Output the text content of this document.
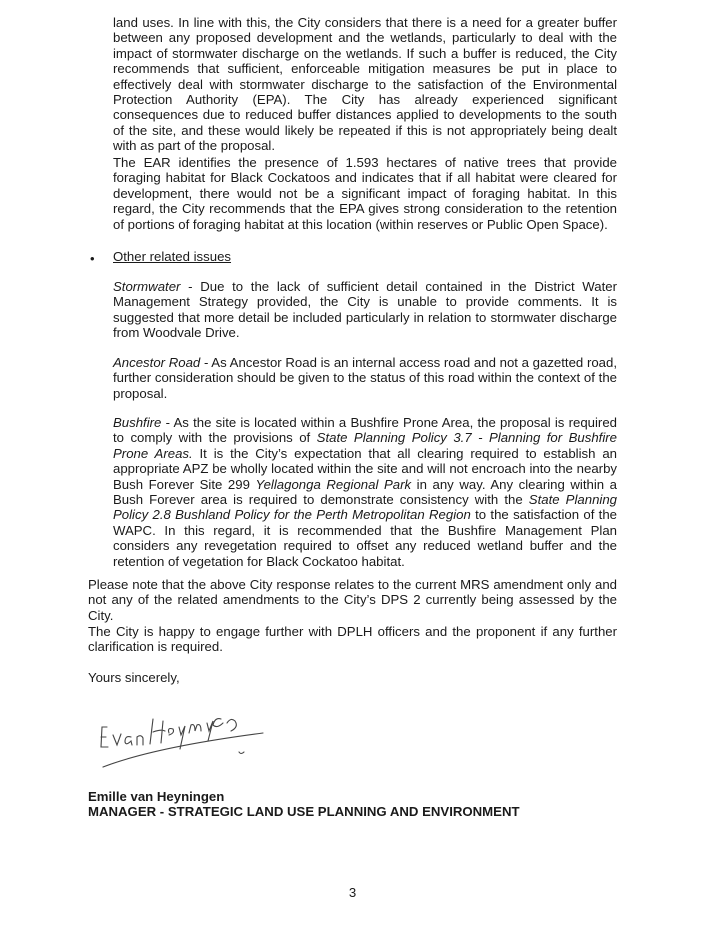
land uses. In line with this, the City considers that there is a need for a greater buffer between any proposed development and the wetlands, particularly to deal with the impact of stormwater discharge on the wetlands. If such a buffer is reduced, the City recommends that sufficient, enforceable mitigation measures be put in place to effectively deal with stormwater discharge to the satisfaction of the Environmental Protection Authority (EPA). The City has already experienced significant consequences due to reduced buffer distances applied to developments to the south of the site, and these would likely be repeated if this is not appropriately being dealt with as part of the proposal.

The EAR identifies the presence of 1.593 hectares of native trees that provide foraging habitat for Black Cockatoos and indicates that if all habitat were cleared for development, there would not be a significant impact of foraging habitat. In this regard, the City recommends that the EPA gives strong consideration to the retention of portions of foraging habitat at this location (within reserves or Public Open Space).

• Other related issues

Stormwater - Due to the lack of sufficient detail contained in the District Water Management Strategy provided, the City is unable to provide comments. It is suggested that more detail be included particularly in relation to stormwater discharge from Woodvale Drive.

Ancestor Road - As Ancestor Road is an internal access road and not a gazetted road, further consideration should be given to the status of this road within the context of the proposal.

Bushfire - As the site is located within a Bushfire Prone Area, the proposal is required to comply with the provisions of State Planning Policy 3.7 - Planning for Bushfire Prone Areas. It is the City’s expectation that all clearing required to establish an appropriate APZ be wholly located within the site and will not encroach into the nearby Bush Forever Site 299 Yellagonga Regional Park in any way. Any clearing within a Bush Forever area is required to demonstrate consistency with the State Planning Policy 2.8 Bushland Policy for the Perth Metropolitan Region to the satisfaction of the WAPC. In this regard, it is recommended that the Bushfire Management Plan considers any revegetation required to offset any reduced wetland buffer and the retention of vegetation for Black Cockatoo habitat.

Please note that the above City response relates to the current MRS amendment only and not any of the related amendments to the City’s DPS 2 currently being assessed by the City.

The City is happy to engage further with DPLH officers and the proponent if any further clarification is required.

Yours sincerely,

Emille van Heyningen
MANAGER - STRATEGIC LAND USE PLANNING AND ENVIRONMENT
3
